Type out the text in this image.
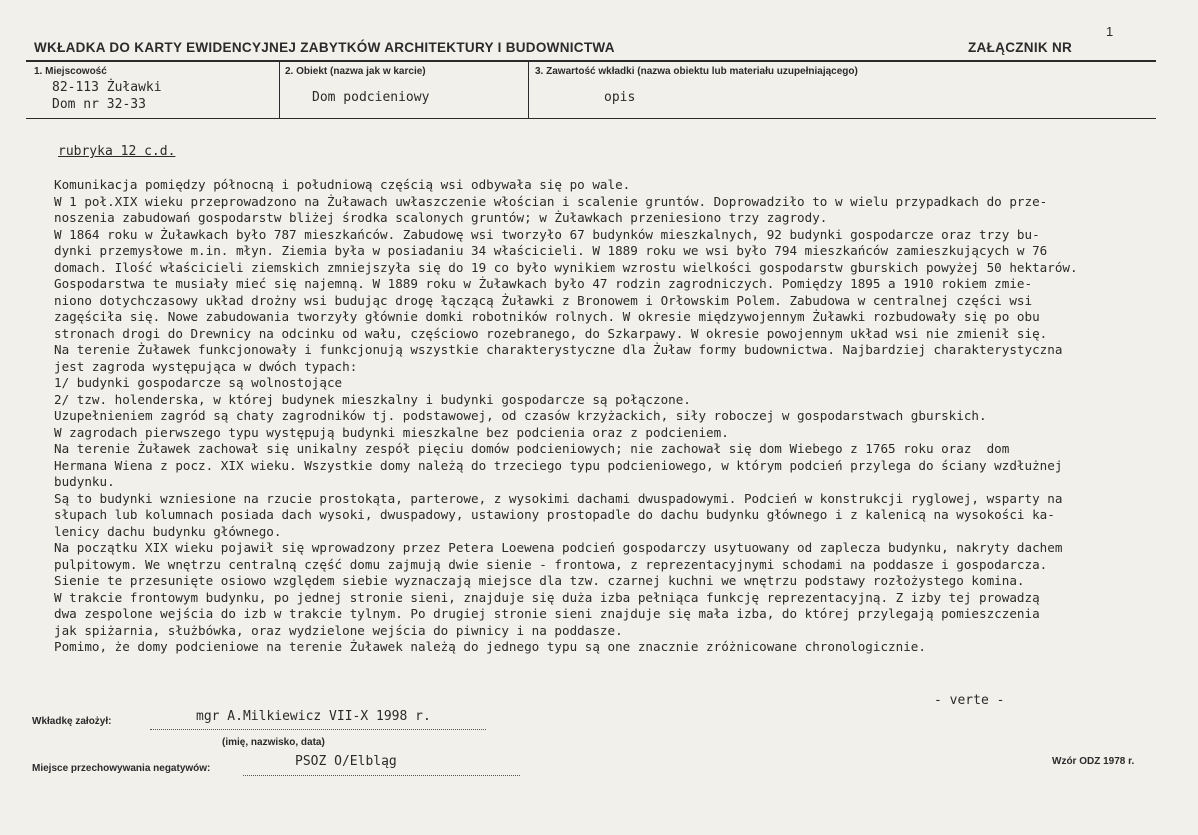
1
WKŁADKA DO KARTY EWIDENCYJNEJ ZABYTKÓW ARCHITEKTURY I BUDOWNICTWA	ZAŁĄCZNIK NR
1. Miejscowość
82-113 Żuławki
Dom nr 32-33
2. Obiekt (nazwa jak w karcie)
Dom podcieniowy
3. Zawartość wkładki (nazwa obiektu lub materiału uzupełniającego)
opis
rubryka 12 c.d.
Komunikacja pomiędzy północną i południową częścią wsi odbywała się po wale.
W 1 poł.XIX wieku przeprowadzono na Żuławach uwłaszczenie włościan i scalenie gruntów. Doprowadziło to w wielu przypadkach do prze-
noszenia zabudowań gospodarstw bliżej środka scalonych gruntów; w Żuławkach przeniesiono trzy zagrody.
W 1864 roku w Żuławkach było 787 mieszkańców. Zabudowę wsi tworzyło 67 budynków mieszkalnych, 92 budynki gospodarcze oraz trzy bu-
dynki przemysłowe m.in. młyn. Ziemia była w posiadaniu 34 właścicieli. W 1889 roku we wsi było 794 mieszkańców zamieszkujących w 76
domach. Ilość właścicieli ziemskich zmniejszyła się do 19 co było wynikiem wzrostu wielkości gospodarstw gburskich powyżej 50 hektarów.
Gospodarstwa te musiały mieć się najemną. W 1889 roku w Żuławkach było 47 rodzin zagrodniczych. Pomiędzy 1895 a 1910 rokiem zmie-
niono dotychczasowy układ drożny wsi budując drogę łączącą Żuławki z Bronowem i Orłowskim Polem. Zabudowa w centralnej części wsi
zagęściła się. Nowe zabudowania tworzyły głównie domki robotników rolnych. W okresie międzywojennym Żuławki rozbudowały się po obu
stronach drogi do Drewnicy na odcinku od wału, częściowo rozebranego, do Szkarpawy. W okresie powojennym układ wsi nie zmienił się.
Na terenie Żuławek funkcjonowały i funkcjonują wszystkie charakterystyczne dla Żuław formy budownictwa. Najbardziej charakterystyczna
jest zagroda występująca w dwóch typach:
1/ budynki gospodarcze są wolnostojące
2/ tzw. holenderska, w której budynek mieszkalny i budynki gospodarcze są połączone.
Uzupełnieniem zagród są chaty zagrodników tj. podstawowej, od czasów krzyżackich, siły roboczej w gospodarstwach gburskich.
W zagrodach pierwszego typu występują budynki mieszkalne bez podcienia oraz z podcieniem.
Na terenie Żuławek zachował się unikalny zespół pięciu domów podcieniowych; nie zachował się dom Wiebego z 1765 roku oraz  dom
Hermana Wiena z pocz. XIX wieku. Wszystkie domy należą do trzeciego typu podcieniowego, w którym podcień przylega do ściany wzdłużnej
budynku.
Są to budynki wzniesione na rzucie prostokąta, parterowe, z wysokimi dachami dwuspadowymi. Podcień w konstrukcji ryglowej, wsparty na
słupach lub kolumnach posiada dach wysoki, dwuspadowy, ustawiony prostopadle do dachu budynku głównego i z kalenicą na wysokości ka-
lenicy dachu budynku głównego.
Na początku XIX wieku pojawił się wprowadzony przez Petera Loewena podcień gospodarczy usytuowany od zaplecza budynku, nakryty dachem
pulpitowym. We wnętrzu centralną część domu zajmują dwie sienie - frontowa, z reprezentacyjnymi schodami na poddasze i gospodarcza.
Sienie te przesunięte osiowo względem siebie wyznaczają miejsce dla tzw. czarnej kuchni we wnętrzu podstawy rozłożystego komina.
W trakcie frontowym budynku, po jednej stronie sieni, znajduje się duża izba pełniąca funkcję reprezentacyjną. Z izby tej prowadzą
dwa zespolone wejścia do izb w trakcie tylnym. Po drugiej stronie sieni znajduje się mała izba, do której przylegają pomieszczenia
jak spiżarnia, służbówka, oraz wydzielone wejścia do piwnicy i na poddasze.
Pomimo, że domy podcieniowe na terenie Żuławek należą do jednego typu są one znacznie zróżnicowane chronologicznie.
- verte -
Wkładkę założył:	mgr A.Milkiewicz VII-X 1998 r.
(imię, nazwisko, data)
Miejsce przechowywania negatywów:	PSOZ O/Elbląg	Wzór ODZ 1978 r.
